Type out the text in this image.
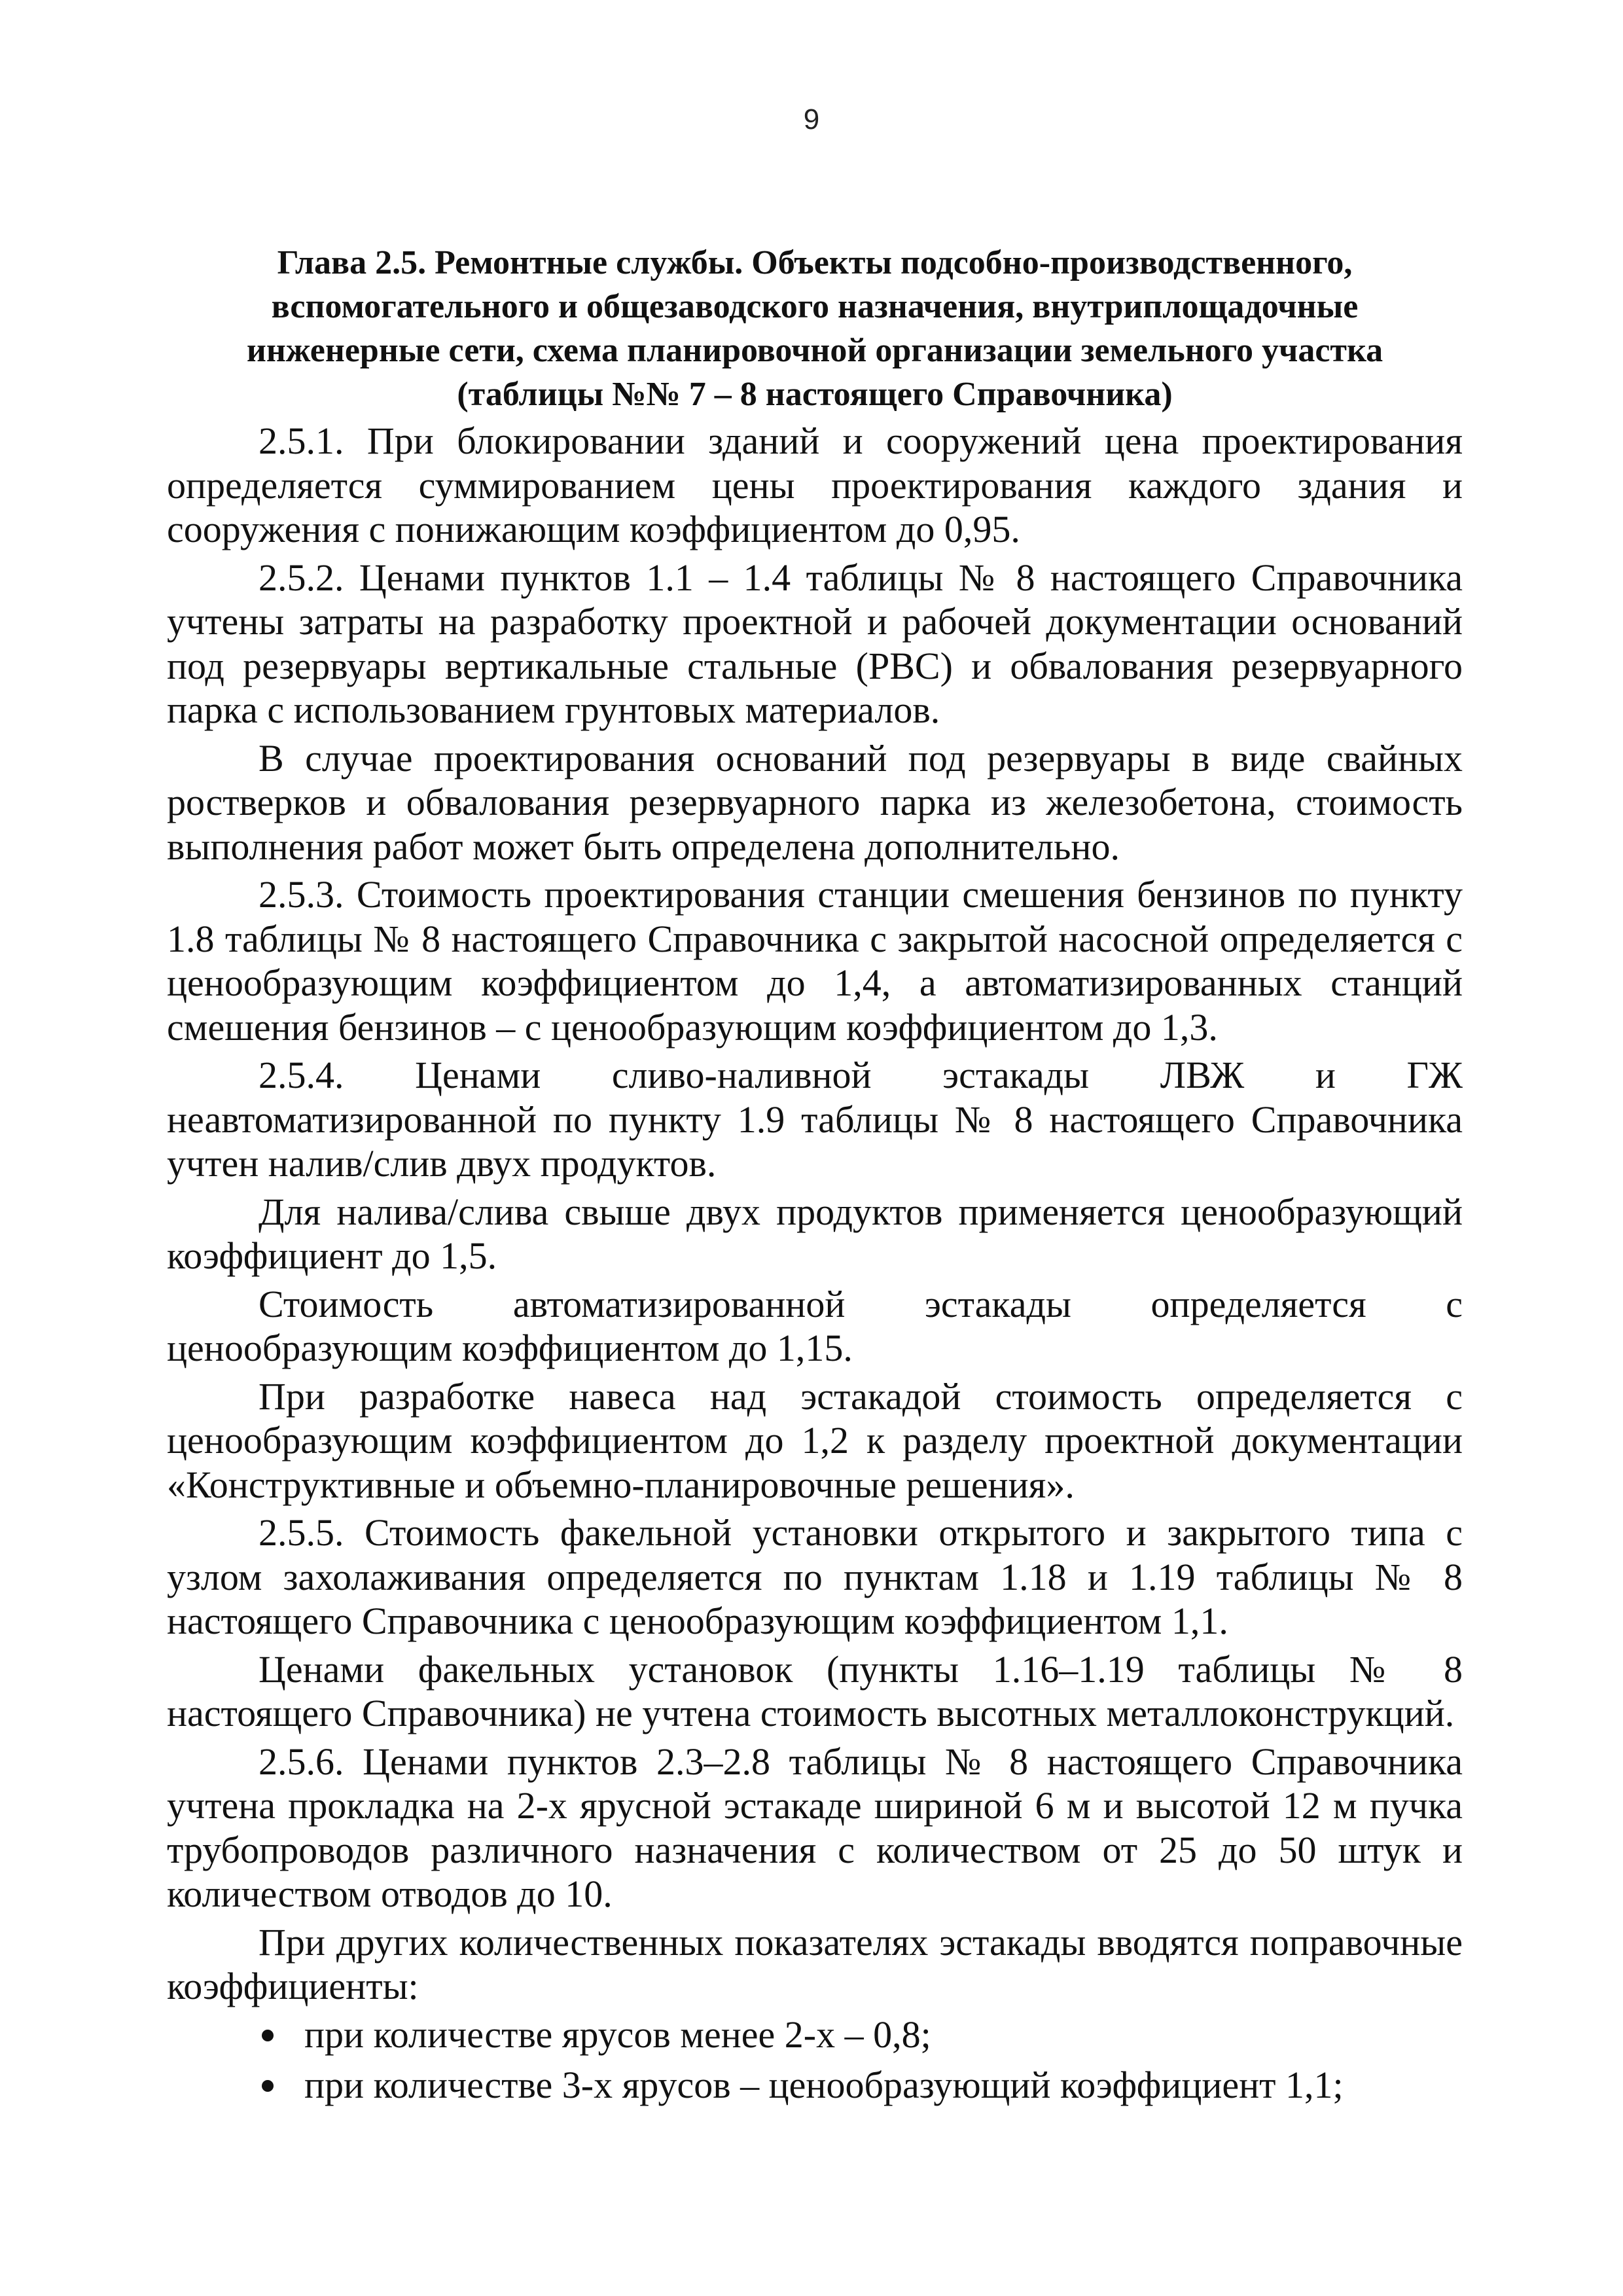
9
Глава 2.5. Ремонтные службы. Объекты подсобно-производственного,
вспомогательного и общезаводского назначения, внутриплощадочные
инженерные сети, схема планировочной организации земельного участка
(таблицы №№ 7 – 8 настоящего Справочника)

2.5.1. При блокировании зданий и сооружений цена проектирования определяется суммированием цены проектирования каждого здания и сооружения с понижающим коэффициентом до 0,95.

2.5.2. Ценами пунктов 1.1 – 1.4 таблицы № 8 настоящего Справочника учтены затраты на разработку проектной и рабочей документации оснований под резервуары вертикальные стальные (РВС) и обвалования резервуарного парка с использованием грунтовых материалов.

В случае проектирования оснований под резервуары в виде свайных ростверков и обвалования резервуарного парка из железобетона, стоимость выполнения работ может быть определена дополнительно.

2.5.3. Стоимость проектирования станции смешения бензинов по пункту 1.8 таблицы № 8 настоящего Справочника с закрытой насосной определяется с ценообразующим коэффициентом до 1,4, а автоматизированных станций смешения бензинов – с ценообразующим коэффициентом до 1,3.

2.5.4. Ценами сливо-наливной эстакады ЛВЖ и ГЖ неавтоматизированной по пункту 1.9 таблицы № 8 настоящего Справочника учтен налив/слив двух продуктов.

Для налива/слива свыше двух продуктов применяется ценообразующий коэффициент до 1,5.

Стоимость автоматизированной эстакады определяется с ценообразующим коэффициентом до 1,15.

При разработке навеса над эстакадой стоимость определяется с ценообразующим коэффициентом до 1,2 к разделу проектной документации «Конструктивные и объемно-планировочные решения».

2.5.5. Стоимость факельной установки открытого и закрытого типа с узлом захолаживания определяется по пунктам 1.18 и 1.19 таблицы № 8 настоящего Справочника с ценообразующим коэффициентом 1,1.

Ценами факельных установок (пункты 1.16–1.19 таблицы № 8 настоящего Справочника) не учтена стоимость высотных металлоконструкций.

2.5.6. Ценами пунктов 2.3–2.8 таблицы № 8 настоящего Справочника учтена прокладка на 2-х ярусной эстакаде шириной 6 м и высотой 12 м пучка трубопроводов различного назначения с количеством от 25 до 50 штук и количеством отводов до 10.

При других количественных показателях эстакады вводятся поправочные коэффициенты:

при количестве ярусов менее 2-х – 0,8;
при количестве 3-х ярусов – ценообразующий коэффициент 1,1;
